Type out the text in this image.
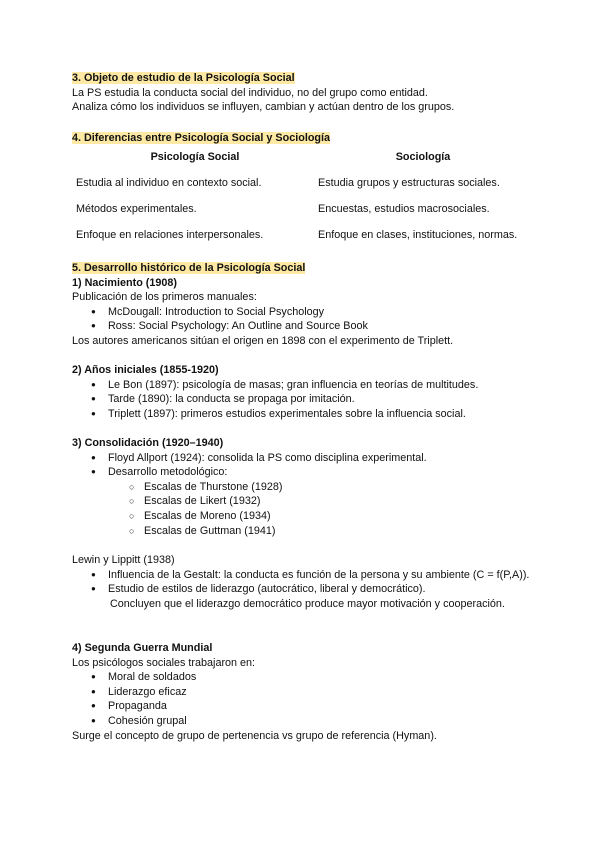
3. Objeto de estudio de la Psicología Social

La PS estudia la conducta social del individuo, no del grupo como entidad.

Analiza cómo los individuos se influyen, cambian y actúan dentro de los grupos.

4. Diferencias entre Psicología Social y Sociología

Psicología Social	Sociología
Estudia al individuo en contexto social.	Estudia grupos y estructuras sociales.
Métodos experimentales.	Encuestas, estudios macrosociales.
Enfoque en relaciones interpersonales.	Enfoque en clases, instituciones, normas.

5. Desarrollo histórico de la Psicología Social

1) Nacimiento (1908)

Publicación de los primeros manuales:

● McDougall: Introduction to Social Psychology
● Ross: Social Psychology: An Outline and Source Book

Los autores americanos sitúan el origen en 1898 con el experimento de Triplett.

2) Años iniciales (1855-1920)

● Le Bon (1897): psicología de masas; gran influencia en teorías de multitudes.
● Tarde (1890): la conducta se propaga por imitación.
● Triplett (1897): primeros estudios experimentales sobre la influencia social.

3) Consolidación (1920–1940)

● Floyd Allport (1924): consolida la PS como disciplina experimental.
● Desarrollo metodológico:
○ Escalas de Thurstone (1928)
○ Escalas de Likert (1932)
○ Escalas de Moreno (1934)
○ Escalas de Guttman (1941)

Lewin y Lippitt (1938)

● Influencia de la Gestalt: la conducta es función de la persona y su ambiente (C = f(P,A)).
● Estudio de estilos de liderazgo (autocrático, liberal y democrático).

Concluyen que el liderazgo democrático produce mayor motivación y cooperación.

4) Segunda Guerra Mundial

Los psicólogos sociales trabajaron en:

● Moral de soldados
● Liderazgo eficaz
● Propaganda
● Cohesión grupal

Surge el concepto de grupo de pertenencia vs grupo de referencia (Hyman).
